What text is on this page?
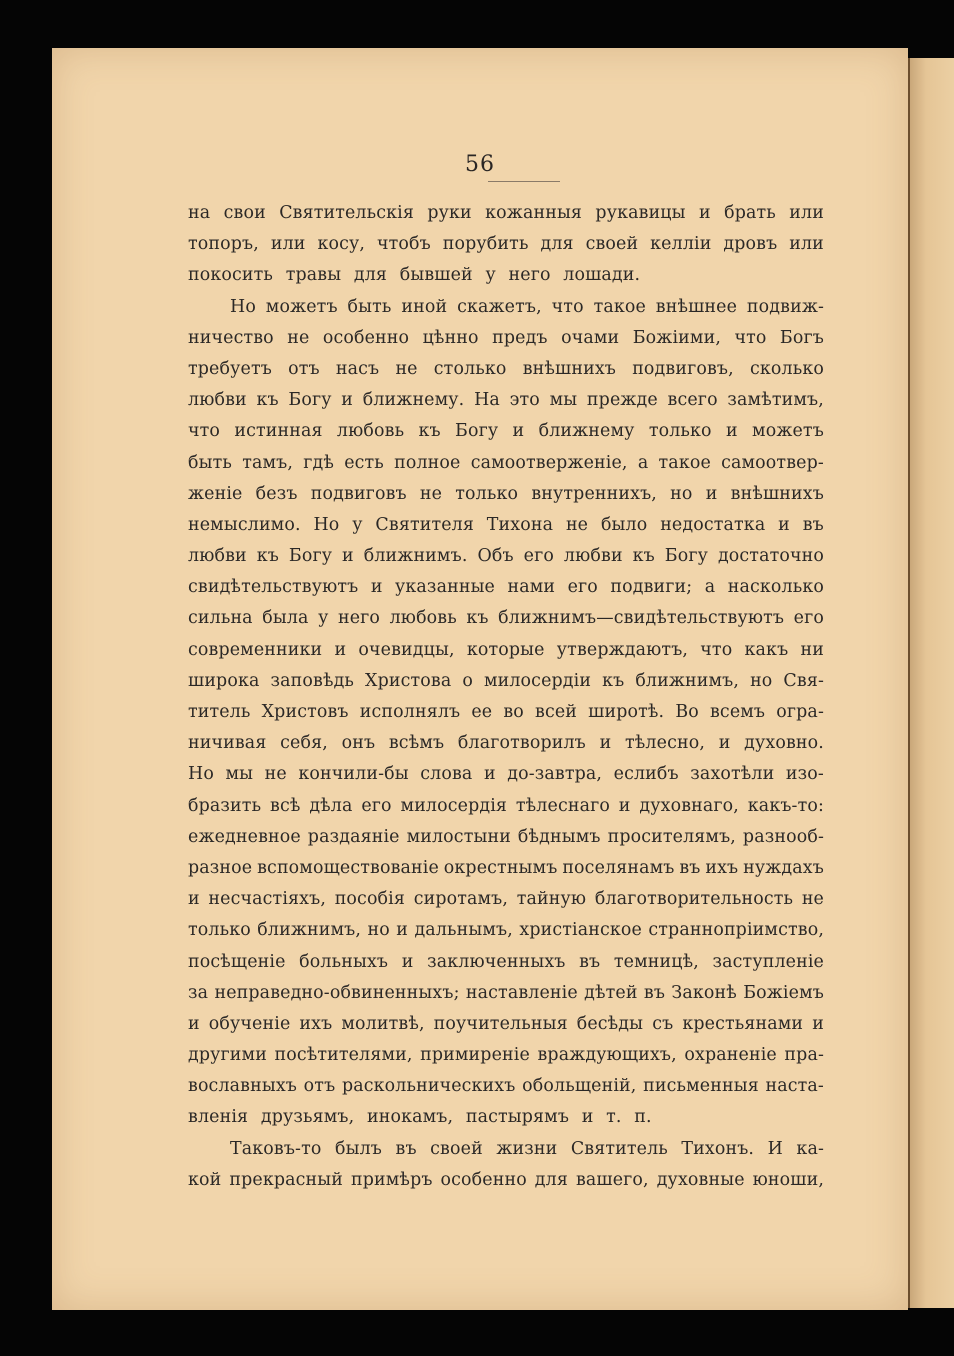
56
на свои Святительскія руки кожанныя рукавицы и брать или
топоръ, или косу, чтобъ порубить для своей келліи дровъ или
покосить травы для бывшей у него лошади.
Но можетъ быть иной скажетъ, что такое внѣшнее подвиж-
ничество не особенно цѣнно предъ очами Божіими, что Богъ
требуетъ отъ насъ не столько внѣшнихъ подвиговъ, сколько
любви къ Богу и ближнему. На это мы прежде всего замѣтимъ,
что истинная любовь къ Богу и ближнему только и можетъ
быть тамъ, гдѣ есть полное самоотверженіе, а такое самоотвер-
женіе безъ подвиговъ не только внутреннихъ, но и внѣшнихъ
немыслимо. Но у Святителя Тихона не было недостатка и въ
любви къ Богу и ближнимъ. Объ его любви къ Богу достаточно
свидѣтельствуютъ и указанные нами его подвиги; а насколько
сильна была у него любовь къ ближнимъ—свидѣтельствуютъ его
современники и очевидцы, которые утверждаютъ, что какъ ни
широка заповѣдь Христова о милосердіи къ ближнимъ, но Свя-
титель Христовъ исполнялъ ее во всей широтѣ. Во всемъ огра-
ничивая себя, онъ всѣмъ благотворилъ и тѣлесно, и духовно.
Но мы не кончили-бы слова и до-завтра, еслибъ захотѣли изо-
бразить всѣ дѣла его милосердія тѣлеснаго и духовнаго, какъ-то:
ежедневное раздаяніе милостыни бѣднымъ просителямъ, разнооб-
разное вспомоществованіе окрестнымъ поселянамъ въ ихъ нуждахъ
и несчастіяхъ, пособія сиротамъ, тайную благотворительность не
только ближнимъ, но и дальнымъ, христіанское страннопріимство,
посѣщеніе больныхъ и заключенныхъ въ темницѣ, заступленіе
за неправедно-обвиненныхъ; наставленіе дѣтей въ Законѣ Божіемъ
и обученіе ихъ молитвѣ, поучительныя бесѣды съ крестьянами и
другими посѣтителями, примиреніе враждующихъ, охраненіе пра-
вославныхъ отъ раскольническихъ обольщеній, письменныя наста-
вленія друзьямъ, инокамъ, пастырямъ и т. п.
Таковъ-то былъ въ своей жизни Святитель Тихонъ. И ка-
кой прекрасный примѣръ особенно для вашего, духовные юноши,
